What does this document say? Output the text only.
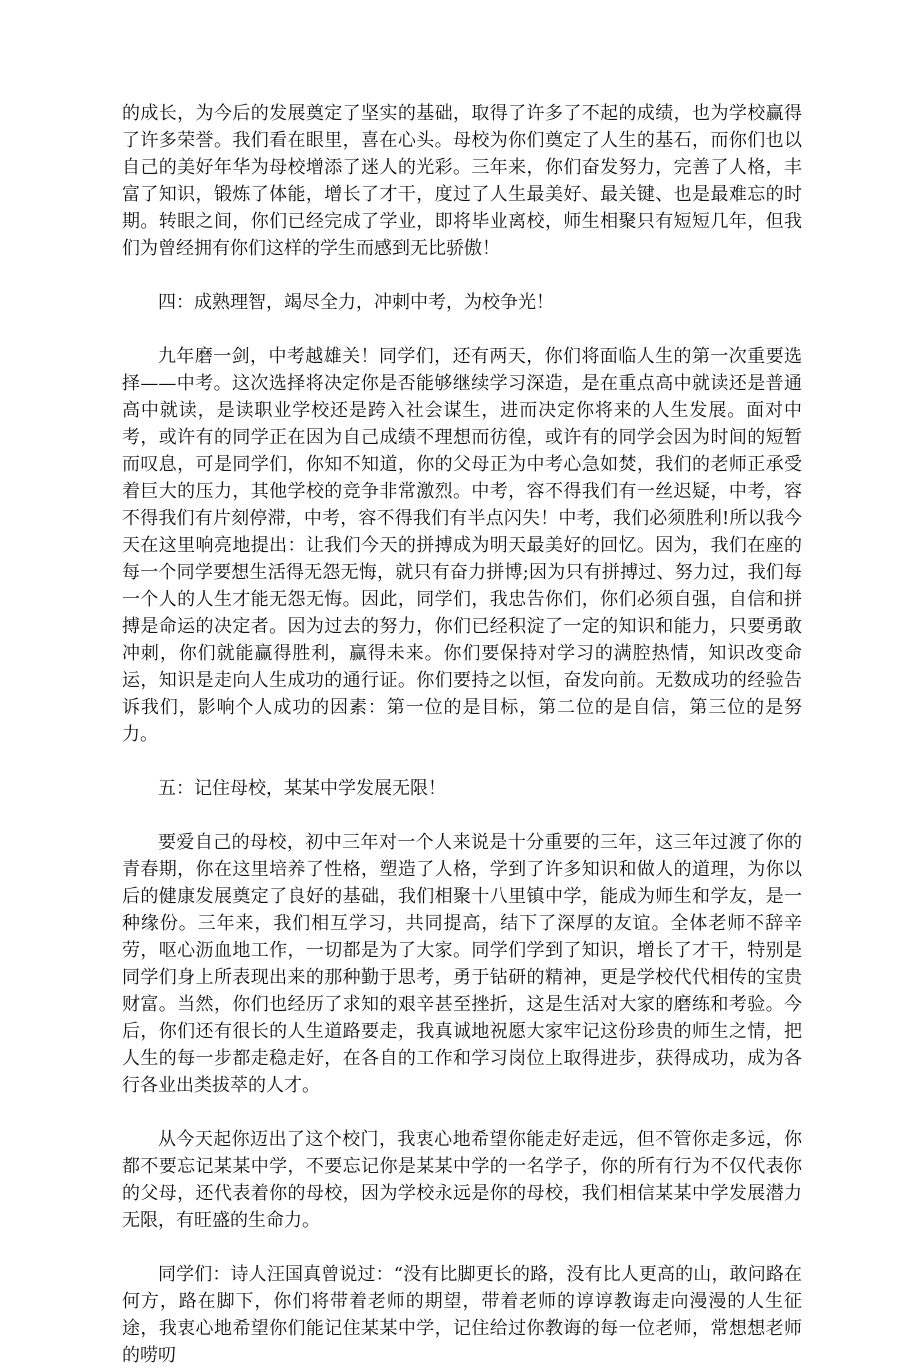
的成长，为今后的发展奠定了坚实的基础，取得了许多了不起的成绩，也为学校赢得了许多荣誉。我们看在眼里，喜在心头。母校为你们奠定了人生的基石，而你们也以自己的美好年华为母校增添了迷人的光彩。三年来，你们奋发努力，完善了人格，丰富了知识，锻炼了体能，增长了才干，度过了人生最美好、最关键、也是最难忘的时期。转眼之间，你们已经完成了学业，即将毕业离校，师生相聚只有短短几年，但我们为曾经拥有你们这样的学生而感到无比骄傲！

四：成熟理智，竭尽全力，冲刺中考，为校争光！

九年磨一剑，中考越雄关！同学们，还有两天，你们将面临人生的第一次重要选择——中考。这次选择将决定你是否能够继续学习深造，是在重点高中就读还是普通高中就读，是读职业学校还是跨入社会谋生，进而决定你将来的人生发展。面对中考，或许有的同学正在因为自己成绩不理想而彷徨，或许有的同学会因为时间的短暂而叹息，可是同学们，你知不知道，你的父母正为中考心急如焚，我们的老师正承受着巨大的压力，其他学校的竞争非常激烈。中考，容不得我们有一丝迟疑，中考，容不得我们有片刻停滞，中考，容不得我们有半点闪失！中考，我们必须胜利!所以我今天在这里响亮地提出：让我们今天的拼搏成为明天最美好的回忆。因为，我们在座的每一个同学要想生活得无怨无悔，就只有奋力拼博;因为只有拼搏过、努力过，我们每一个人的人生才能无怨无悔。因此，同学们，我忠告你们，你们必须自强，自信和拼搏是命运的决定者。因为过去的努力，你们已经积淀了一定的知识和能力，只要勇敢冲刺，你们就能赢得胜利，赢得未来。你们要保持对学习的满腔热情，知识改变命运，知识是走向人生成功的通行证。你们要持之以恒，奋发向前。无数成功的经验告诉我们，影响个人成功的因素：第一位的是目标，第二位的是自信，第三位的是努力。

五：记住母校，某某中学发展无限！

要爱自己的母校，初中三年对一个人来说是十分重要的三年，这三年过渡了你的青春期，你在这里培养了性格，塑造了人格，学到了许多知识和做人的道理，为你以后的健康发展奠定了良好的基础，我们相聚十八里镇中学，能成为师生和学友，是一种缘份。三年来，我们相互学习，共同提高，结下了深厚的友谊。全体老师不辞辛劳，呕心沥血地工作，一切都是为了大家。同学们学到了知识，增长了才干，特别是同学们身上所表现出来的那种勤于思考，勇于钻研的精神，更是学校代代相传的宝贵财富。当然，你们也经历了求知的艰辛甚至挫折，这是生活对大家的磨练和考验。今后，你们还有很长的人生道路要走，我真诚地祝愿大家牢记这份珍贵的师生之情，把人生的每一步都走稳走好，在各自的工作和学习岗位上取得进步，获得成功，成为各行各业出类拔萃的人才。

从今天起你迈出了这个校门，我衷心地希望你能走好走远，但不管你走多远，你都不要忘记某某中学，不要忘记你是某某中学的一名学子，你的所有行为不仅代表你的父母，还代表着你的母校，因为学校永远是你的母校，我们相信某某中学发展潜力无限，有旺盛的生命力。

同学们：诗人汪国真曾说过：“没有比脚更长的路，没有比人更高的山，敢问路在何方，路在脚下，你们将带着老师的期望，带着老师的谆谆教诲走向漫漫的人生征途，我衷心地希望你们能记住某某中学，记住给过你教诲的每一位老师，常想想老师的唠叨
